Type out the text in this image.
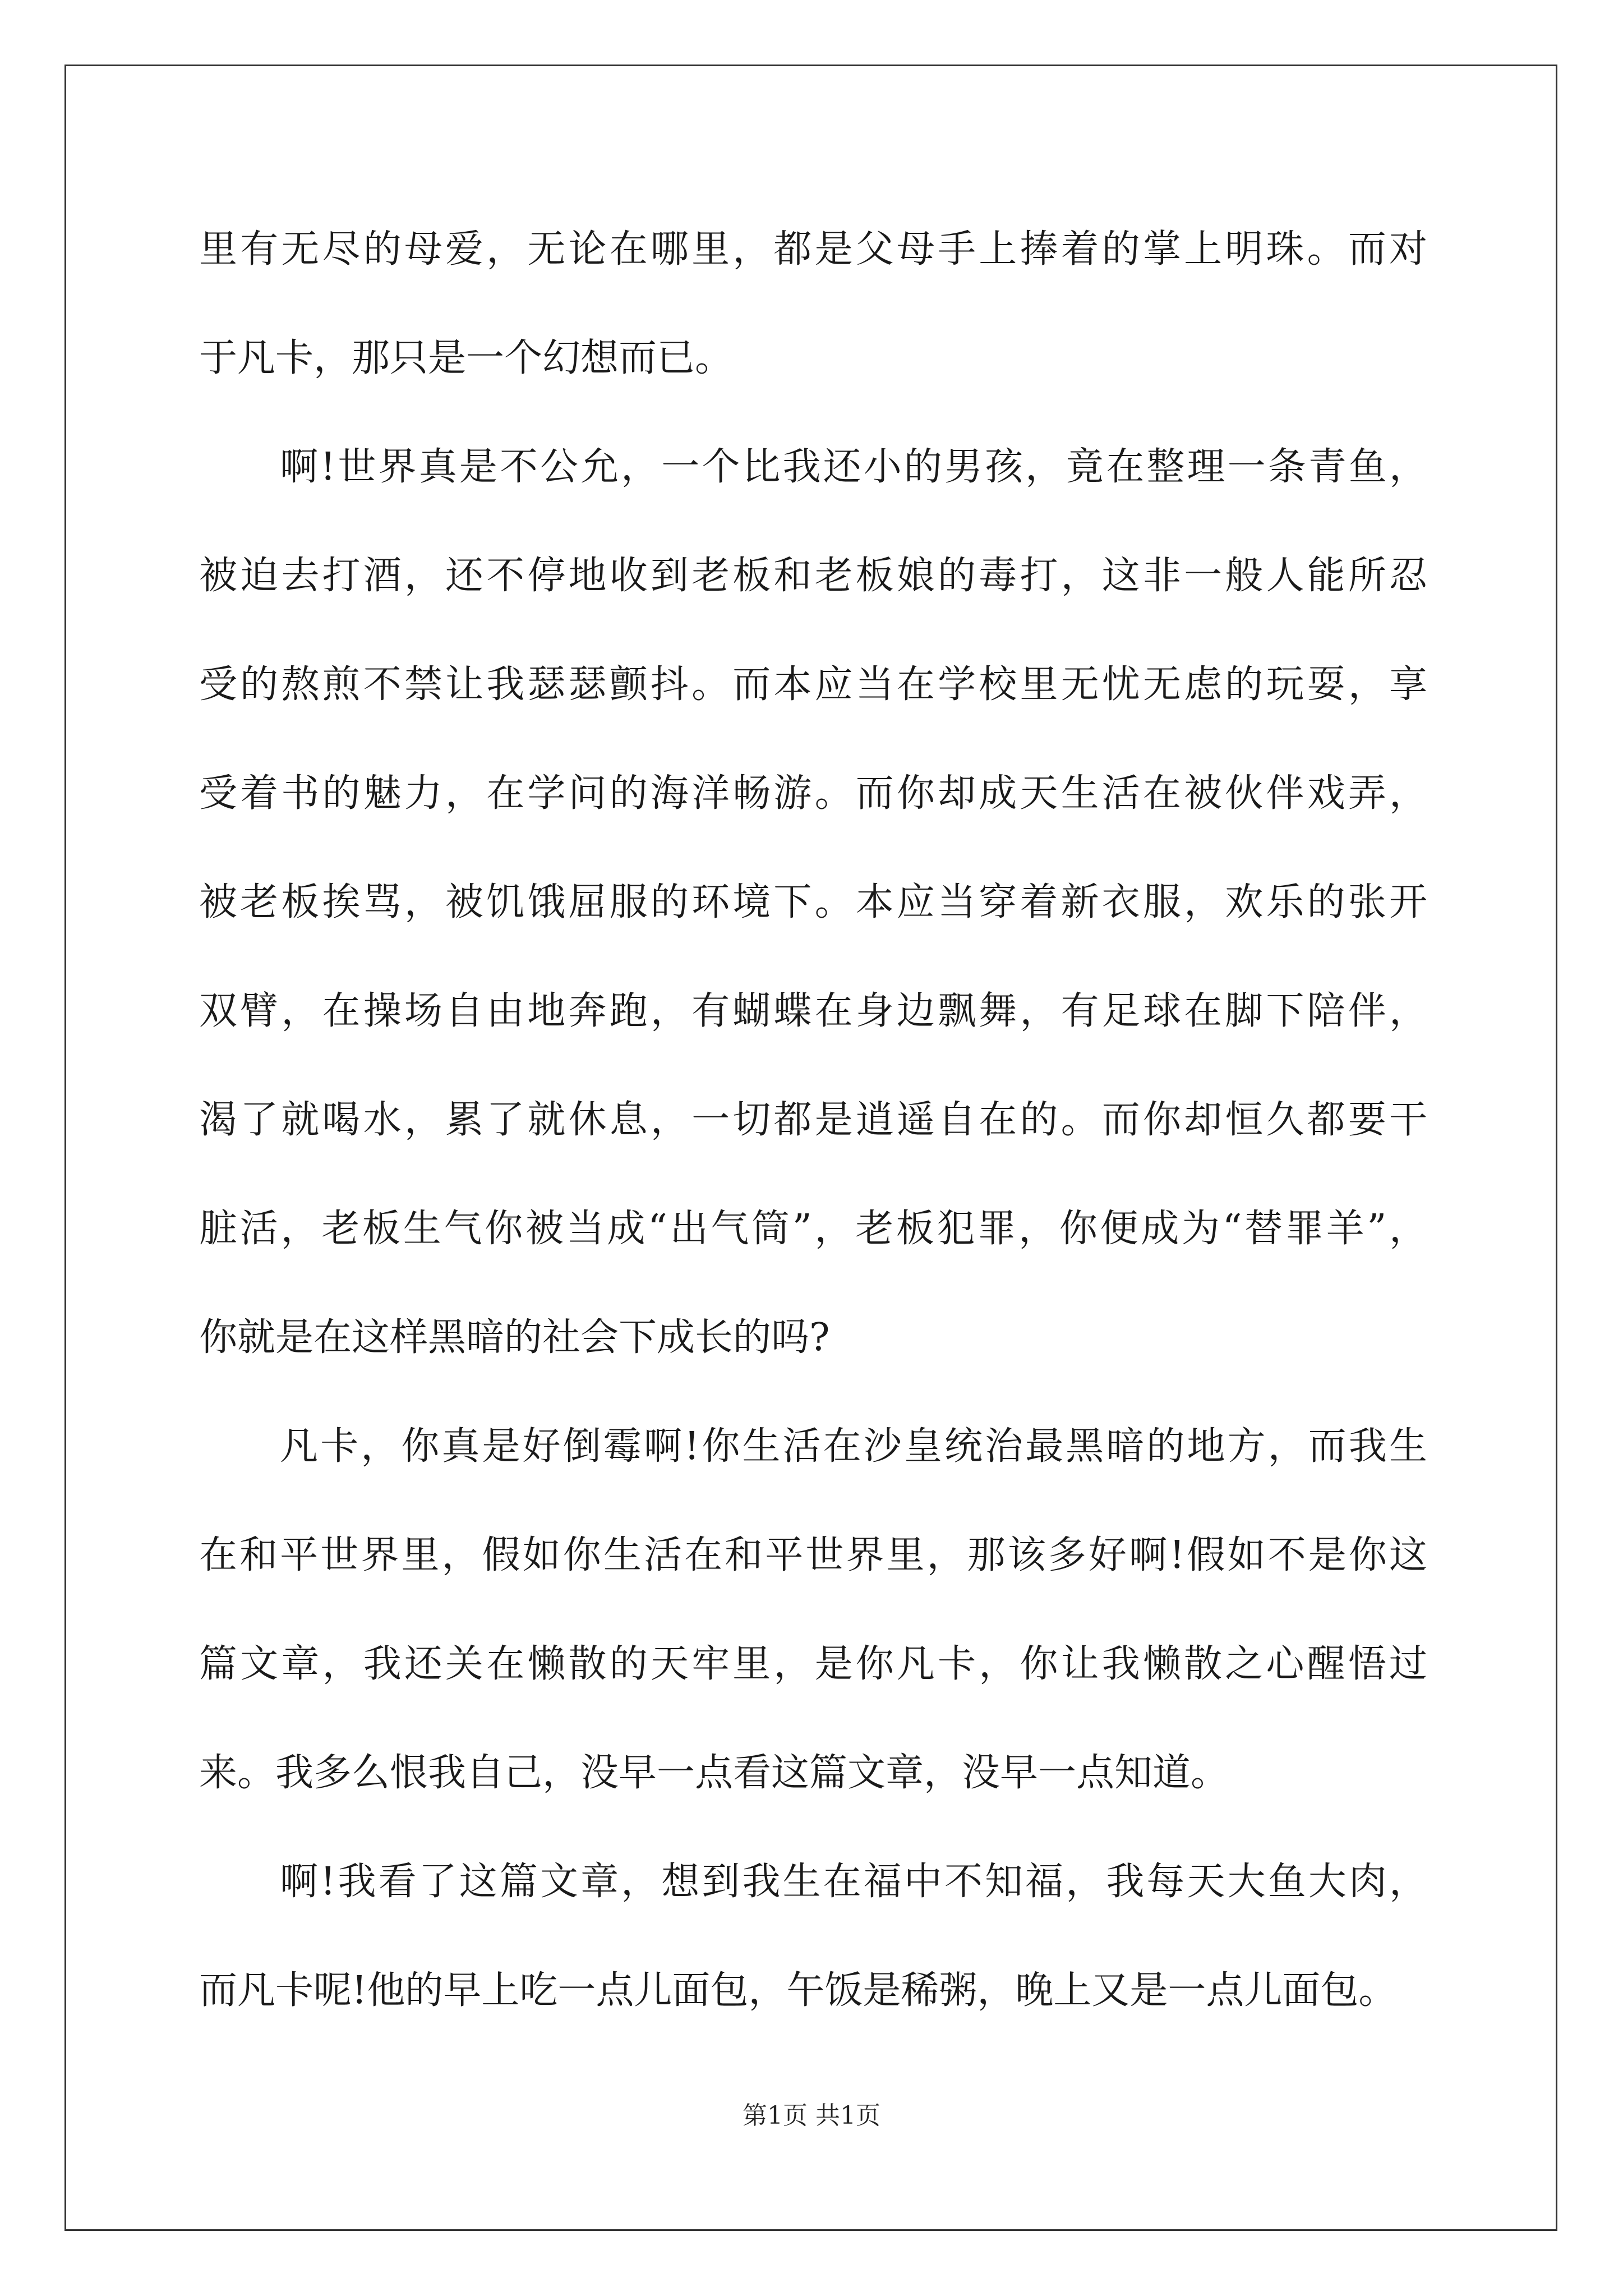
里有无尽的母爱，无论在哪里，都是父母手上捧着的掌上明珠。而对
于凡卡，那只是一个幻想而已。
啊!世界真是不公允，一个比我还小的男孩，竟在整理一条青鱼，
被迫去打酒，还不停地收到老板和老板娘的毒打，这非一般人能所忍
受的熬煎不禁让我瑟瑟颤抖。而本应当在学校里无忧无虑的玩耍，享
受着书的魅力，在学问的海洋畅游。而你却成天生活在被伙伴戏弄，
被老板挨骂，被饥饿屈服的环境下。本应当穿着新衣服，欢乐的张开
双臂，在操场自由地奔跑，有蝴蝶在身边飘舞，有足球在脚下陪伴，
渴了就喝水，累了就休息，一切都是逍遥自在的。而你却恒久都要干
脏活，老板生气你被当成“出气筒”，老板犯罪，你便成为“替罪羊”，
你就是在这样黑暗的社会下成长的吗?
凡卡，你真是好倒霉啊!你生活在沙皇统治最黑暗的地方，而我生
在和平世界里，假如你生活在和平世界里，那该多好啊!假如不是你这
篇文章，我还关在懒散的天牢里，是你凡卡，你让我懒散之心醒悟过
来。我多么恨我自己，没早一点看这篇文章，没早一点知道。
啊!我看了这篇文章，想到我生在福中不知福，我每天大鱼大肉，
而凡卡呢!他的早上吃一点儿面包，午饭是稀粥，晚上又是一点儿面包。
第1页 共1页
